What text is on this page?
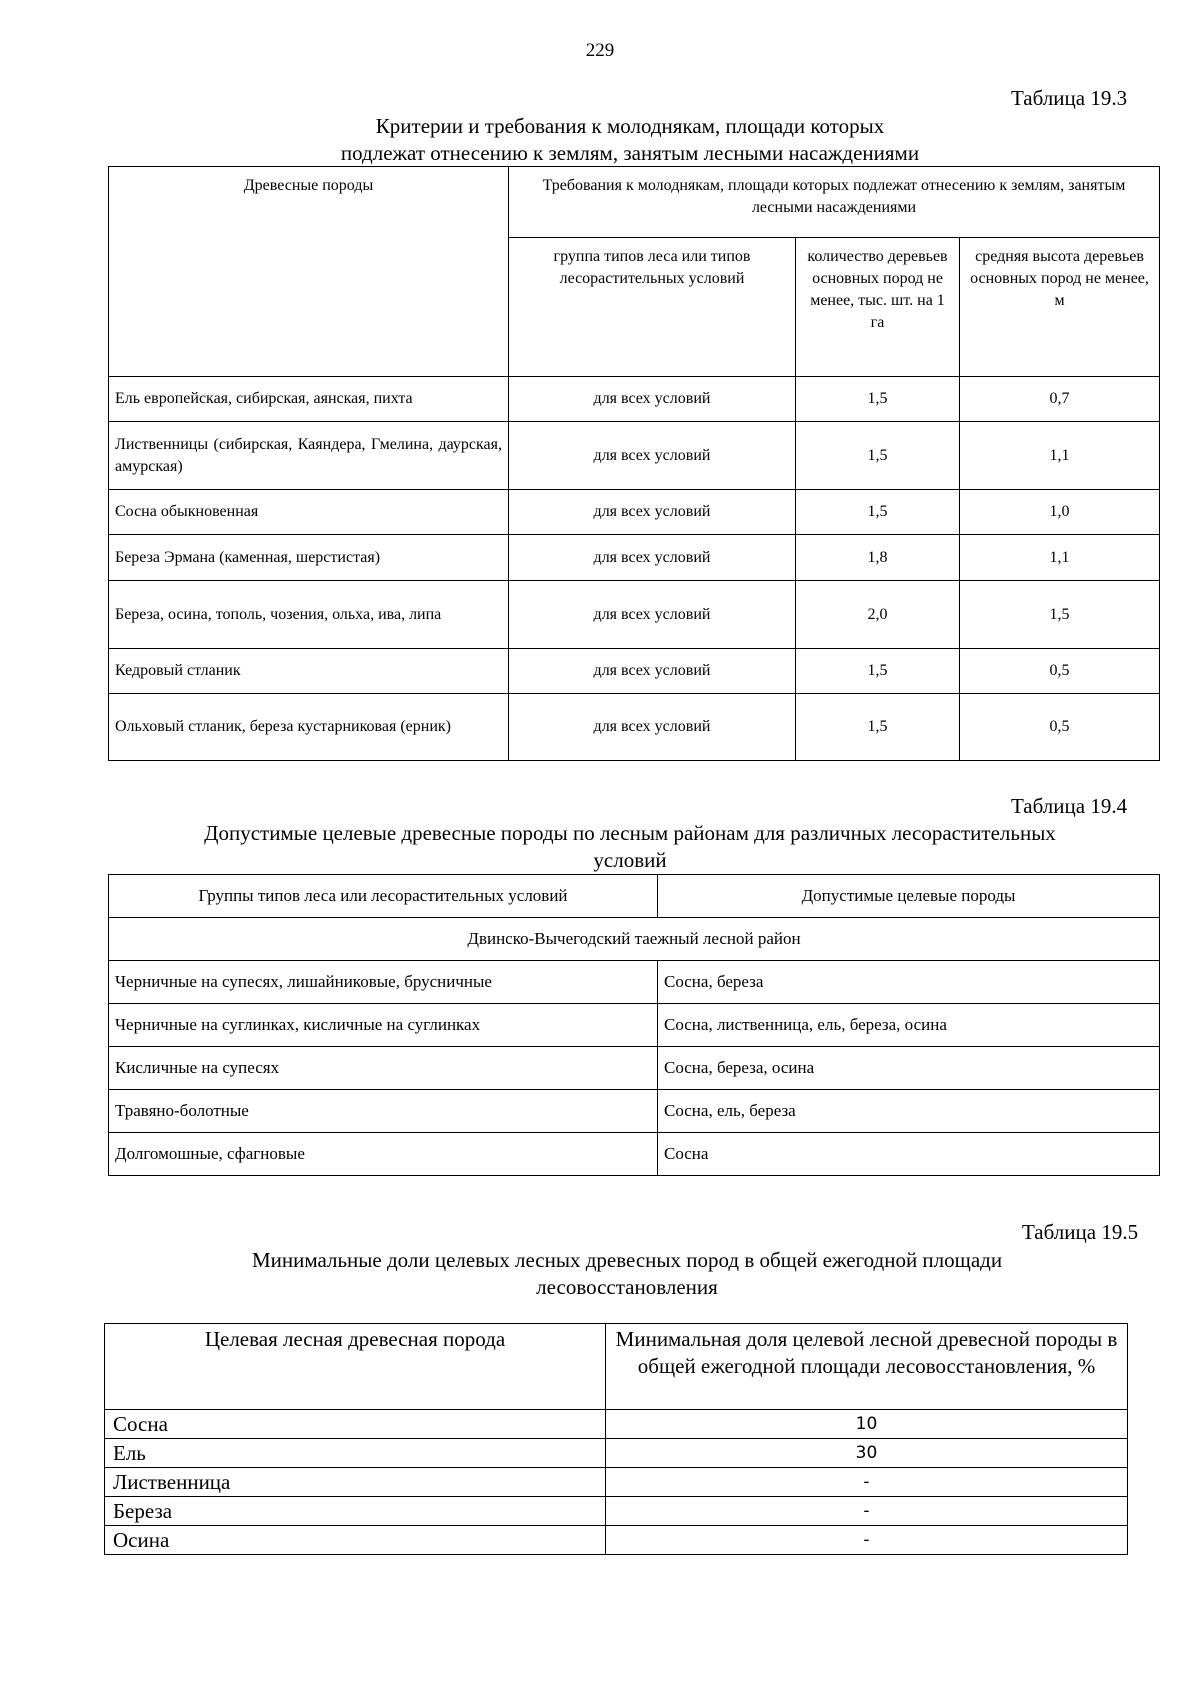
229
Таблица 19.3
Критерии и требования к молоднякам, площади которых
подлежат отнесению к землям, занятым лесными насаждениями
Древесные породы	Требования к молоднякам, площади которых подлежат отнесению к землям, занятым лесными насаждениями		
	группа типов леса или типов лесорастительных условий	количество деревьев основных пород не менее, тыс. шт. на 1 га	средняя высота деревьев основных пород не менее, м
Ель европейская, сибирская, аянская, пихта	для всех условий	1,5	0,7
Лиственницы (сибирская, Каяндера, Гмелина, даурская, амурская)	для всех условий	1,5	1,1
Сосна обыкновенная	для всех условий	1,5	1,0
Береза Эрмана (каменная, шерстистая)	для всех условий	1,8	1,1
Береза, осина, тополь, чозения, ольха, ива, липа	для всех условий	2,0	1,5
Кедровый стланик	для всех условий	1,5	0,5
Ольховый стланик, береза кустарниковая (ерник)	для всех условий	1,5	0,5
Таблица 19.4
Допустимые целевые древесные породы по лесным районам для различных лесорастительных
условий
Группы типов леса или лесорастительных условий	Допустимые целевые породы
Двинско-Вычегодский таежный лесной район	
Черничные на супесях, лишайниковые, брусничные	Сосна, береза
Черничные на суглинках, кисличные на суглинках	Сосна, лиственница, ель, береза, осина
Кисличные на супесях	Сосна, береза, осина
Травяно-болотные	Сосна, ель, береза
Долгомошные, сфагновые	Сосна
Таблица 19.5
Минимальные доли целевых лесных древесных пород в общей ежегодной площади
лесовосстановления
Целевая лесная древесная порода	Минимальная доля целевой лесной древесной породы в общей ежегодной площади лесовосстановления, %
Сосна	10
Ель	30
Лиственница	-
Береза	-
Осина	-
